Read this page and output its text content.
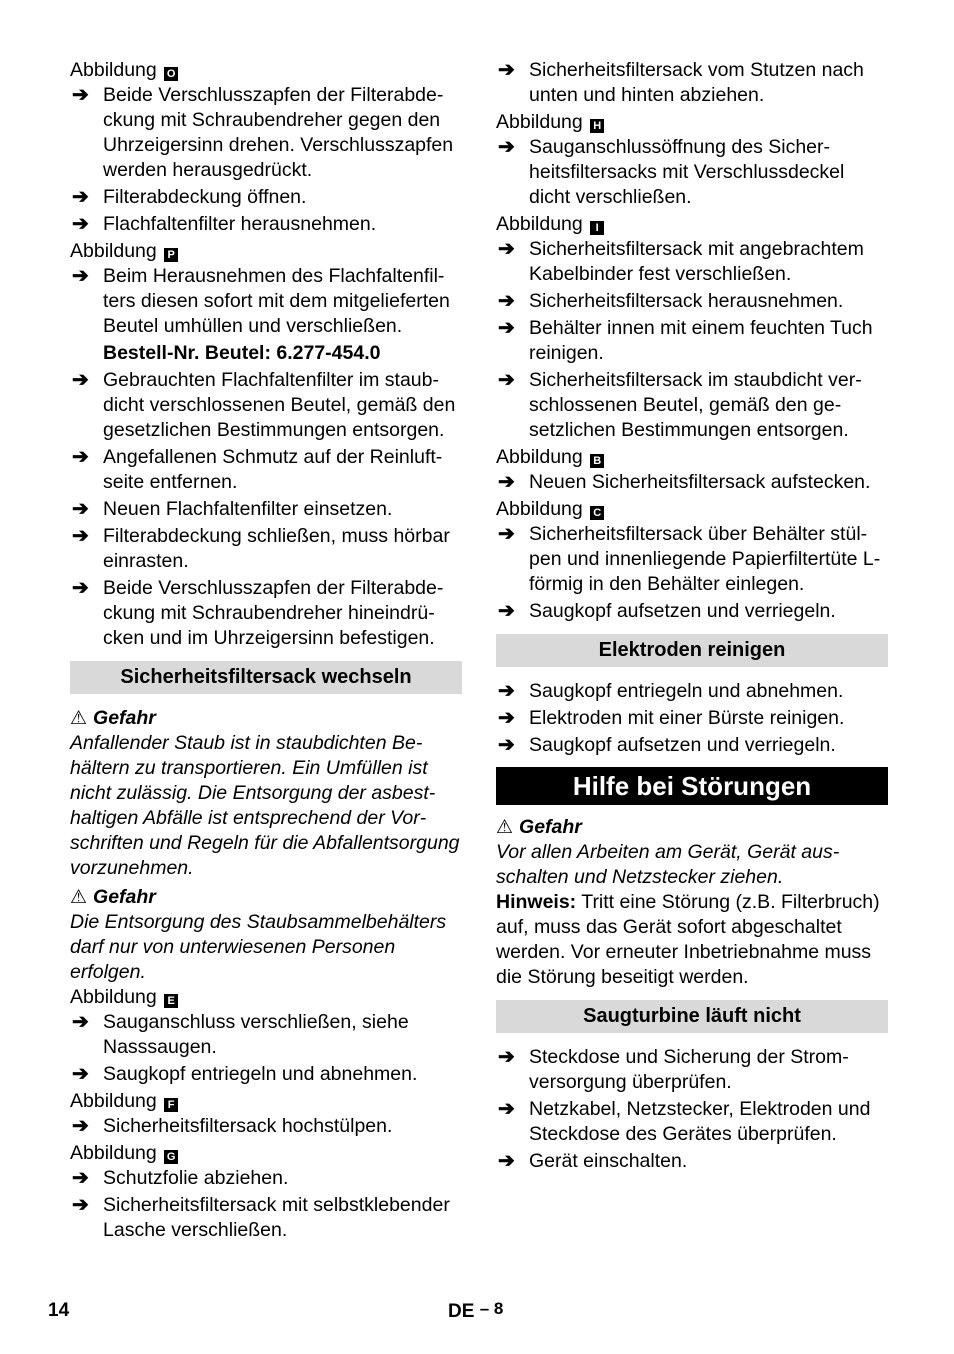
Abbildung O
➔ Beide Verschlusszapfen der Filterabdeckung mit Schraubendreher gegen den Uhrzeigersinn drehen. Verschlusszapfen werden herausgedrückt.
➔ Filterabdeckung öffnen.
➔ Flachfaltenfilter herausnehmen.
Abbildung P
➔ Beim Herausnehmen des Flachfaltenfilters diesen sofort mit dem mitgelieferten Beutel umhüllen und verschließen.
Bestell-Nr. Beutel: 6.277-454.0
➔ Gebrauchten Flachfaltenfilter im staubdicht verschlossenen Beutel, gemäß den gesetzlichen Bestimmungen entsorgen.
➔ Angefallenen Schmutz auf der Reinluftseite entfernen.
➔ Neuen Flachfaltenfilter einsetzen.
➔ Filterabdeckung schließen, muss hörbar einrasten.
➔ Beide Verschlusszapfen der Filterabdeckung mit Schraubendreher hineindrücken und im Uhrzeigersinn befestigen.
Sicherheitsfiltersack wechseln
⚠ Gefahr
Anfallender Staub ist in staubdichten Behältern zu transportieren. Ein Umfüllen ist nicht zulässig. Die Entsorgung der asbesthaltigen Abfälle ist entsprechend der Vorschriften und Regeln für die Abfallentsorgung vorzunehmen.
⚠ Gefahr
Die Entsorgung des Staubsammelbehälters darf nur von unterwiesenen Personen erfolgen.
Abbildung E
➔ Sauganschluss verschließen, siehe Nasssaugen.
➔ Saugkopf entriegeln und abnehmen.
Abbildung F
➔ Sicherheitsfiltersack hochstülpen.
Abbildung G
➔ Schutzfolie abziehen.
➔ Sicherheitsfiltersack mit selbstklebender Lasche verschließen.
➔ Sicherheitsfiltersack vom Stutzen nach unten und hinten abziehen.
Abbildung H
➔ Sauganschlussöffnung des Sicherheitsfiltersacks mit Verschlussdeckel dicht verschließen.
Abbildung I
➔ Sicherheitsfiltersack mit angebrachtem Kabelbinder fest verschließen.
➔ Sicherheitsfiltersack herausnehmen.
➔ Behälter innen mit einem feuchten Tuch reinigen.
➔ Sicherheitsfiltersack im staubdicht verschlossenen Beutel, gemäß den gesetzlichen Bestimmungen entsorgen.
Abbildung B
➔ Neuen Sicherheitsfiltersack aufstecken.
Abbildung C
➔ Sicherheitsfiltersack über Behälter stülpen und innenliegende Papierfiltertüte L-förmig in den Behälter einlegen.
➔ Saugkopf aufsetzen und verriegeln.
Elektroden reinigen
➔ Saugkopf entriegeln und abnehmen.
➔ Elektroden mit einer Bürste reinigen.
➔ Saugkopf aufsetzen und verriegeln.
Hilfe bei Störungen
⚠ Gefahr
Vor allen Arbeiten am Gerät, Gerät ausschalten und Netzstecker ziehen.
Hinweis: Tritt eine Störung (z.B. Filterbruch) auf, muss das Gerät sofort abgeschaltet werden. Vor erneuter Inbetriebnahme muss die Störung beseitigt werden.
Saugturbine läuft nicht
➔ Steckdose und Sicherung der Stromversorgung überprüfen.
➔ Netzkabel, Netzstecker, Elektroden und Steckdose des Gerätes überprüfen.
➔ Gerät einschalten.
14	DE – 8
